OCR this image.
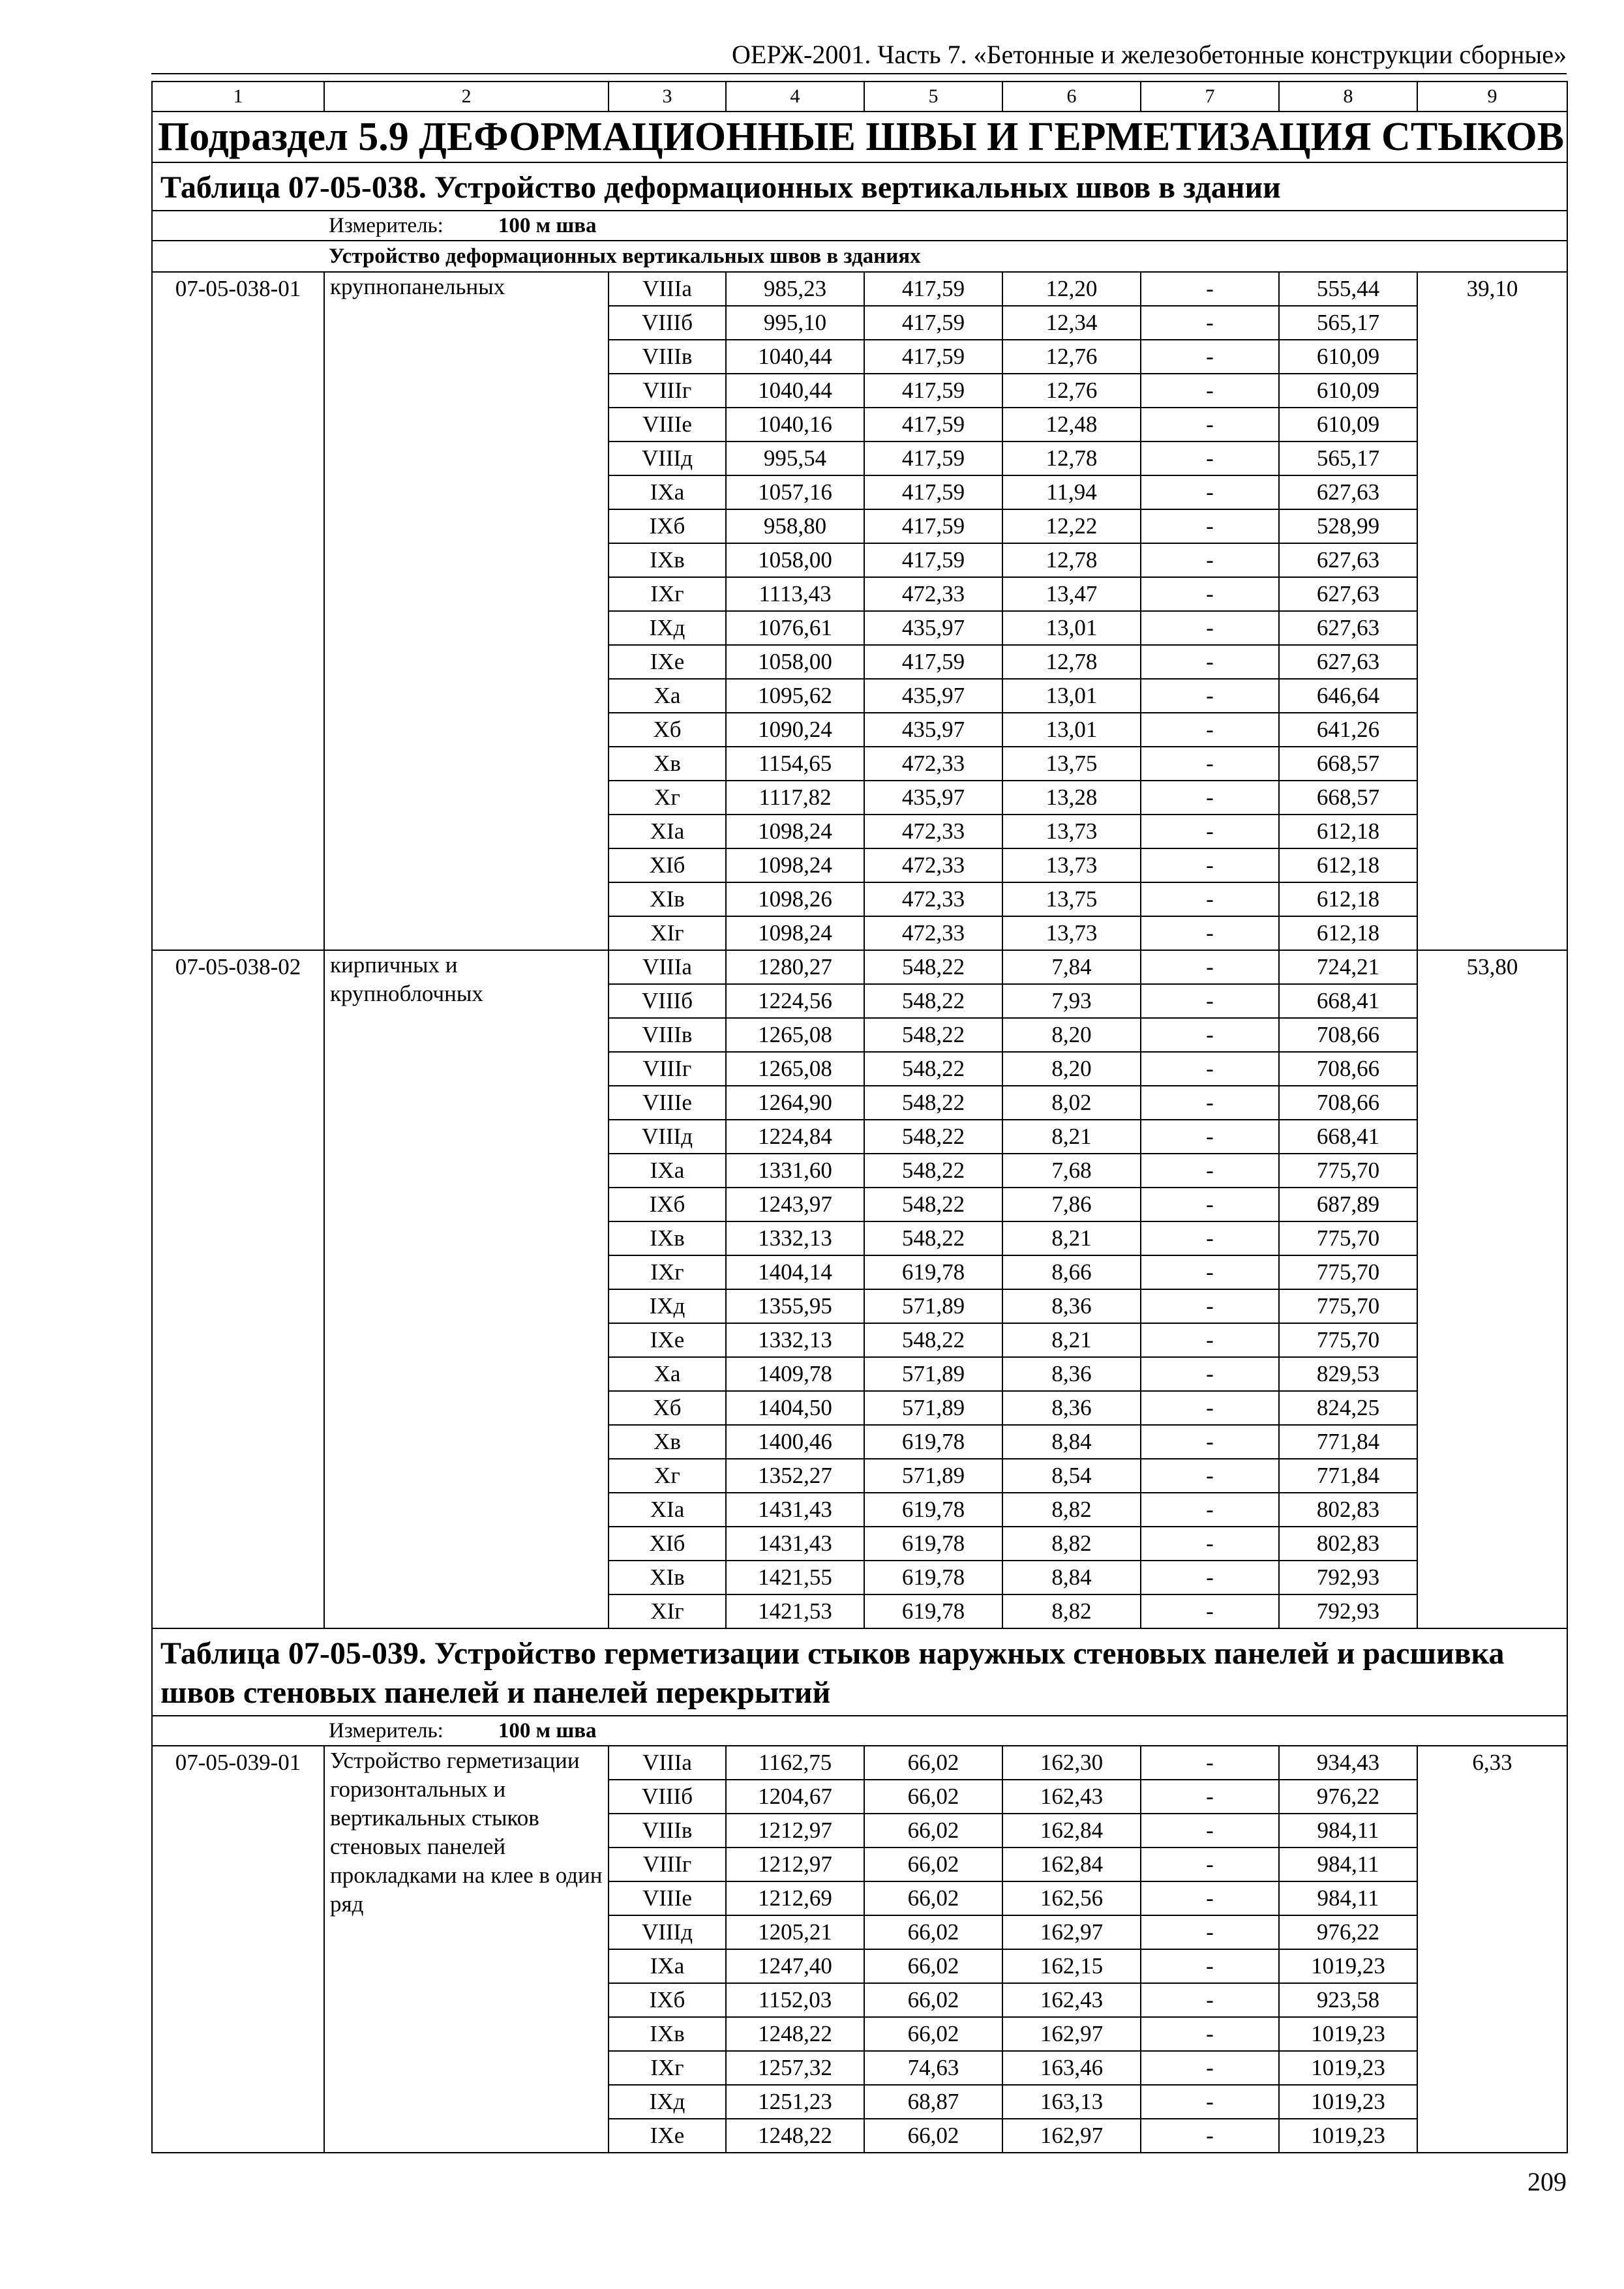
ОЕРЖ-2001. Часть 7. «Бетонные и железобетонные конструкции сборные»
1	2	3	4	5	6	7	8	9
Подраздел 5.9 ДЕФОРМАЦИОННЫЕ ШВЫ И ГЕРМЕТИЗАЦИЯ СТЫКОВ								
Таблица 07-05-038. Устройство деформационных вертикальных швов в здании								
Измеритель: 100 м шва								
Устройство деформационных вертикальных швов в зданиях								
07-05-038-01	крупнопанельных	VIIIа	985,23	417,59	12,20	-	555,44	39,10
		VIIIб	995,10	417,59	12,34	-	565,17	
		VIIIв	1040,44	417,59	12,76	-	610,09	
		VIIIг	1040,44	417,59	12,76	-	610,09	
		VIIIе	1040,16	417,59	12,48	-	610,09	
		VIIIд	995,54	417,59	12,78	-	565,17	
		IXа	1057,16	417,59	11,94	-	627,63	
		IXб	958,80	417,59	12,22	-	528,99	
		IXв	1058,00	417,59	12,78	-	627,63	
		IXг	1113,43	472,33	13,47	-	627,63	
		IXд	1076,61	435,97	13,01	-	627,63	
		IXе	1058,00	417,59	12,78	-	627,63	
		Xа	1095,62	435,97	13,01	-	646,64	
		Xб	1090,24	435,97	13,01	-	641,26	
		Xв	1154,65	472,33	13,75	-	668,57	
		Xг	1117,82	435,97	13,28	-	668,57	
		XIа	1098,24	472,33	13,73	-	612,18	
		XIб	1098,24	472,33	13,73	-	612,18	
		XIв	1098,26	472,33	13,75	-	612,18	
		XIг	1098,24	472,33	13,73	-	612,18	
07-05-038-02	кирпичных и крупноблочных	VIIIа	1280,27	548,22	7,84	-	724,21	53,80
		VIIIб	1224,56	548,22	7,93	-	668,41	
		VIIIв	1265,08	548,22	8,20	-	708,66	
		VIIIг	1265,08	548,22	8,20	-	708,66	
		VIIIе	1264,90	548,22	8,02	-	708,66	
		VIIIд	1224,84	548,22	8,21	-	668,41	
		IXа	1331,60	548,22	7,68	-	775,70	
		IXб	1243,97	548,22	7,86	-	687,89	
		IXв	1332,13	548,22	8,21	-	775,70	
		IXг	1404,14	619,78	8,66	-	775,70	
		IXд	1355,95	571,89	8,36	-	775,70	
		IXе	1332,13	548,22	8,21	-	775,70	
		Xа	1409,78	571,89	8,36	-	829,53	
		Xб	1404,50	571,89	8,36	-	824,25	
		Xв	1400,46	619,78	8,84	-	771,84	
		Xг	1352,27	571,89	8,54	-	771,84	
		XIа	1431,43	619,78	8,82	-	802,83	
		XIб	1431,43	619,78	8,82	-	802,83	
		XIв	1421,55	619,78	8,84	-	792,93	
		XIг	1421,53	619,78	8,82	-	792,93	
Таблица 07-05-039. Устройство герметизации стыков наружных стеновых панелей и расшивка швов стеновых панелей и панелей перекрытий								
Измеритель: 100 м шва								
07-05-039-01	Устройство герметизации горизонтальных и вертикальных стыков стеновых панелей прокладками на клее в один ряд	VIIIа	1162,75	66,02	162,30	-	934,43	6,33
		VIIIб	1204,67	66,02	162,43	-	976,22	
		VIIIв	1212,97	66,02	162,84	-	984,11	
		VIIIг	1212,97	66,02	162,84	-	984,11	
		VIIIе	1212,69	66,02	162,56	-	984,11	
		VIIIд	1205,21	66,02	162,97	-	976,22	
		IXа	1247,40	66,02	162,15	-	1019,23	
		IXб	1152,03	66,02	162,43	-	923,58	
		IXв	1248,22	66,02	162,97	-	1019,23	
		IXг	1257,32	74,63	163,46	-	1019,23	
		IXд	1251,23	68,87	163,13	-	1019,23	
		IXе	1248,22	66,02	162,97	-	1019,23	
209
